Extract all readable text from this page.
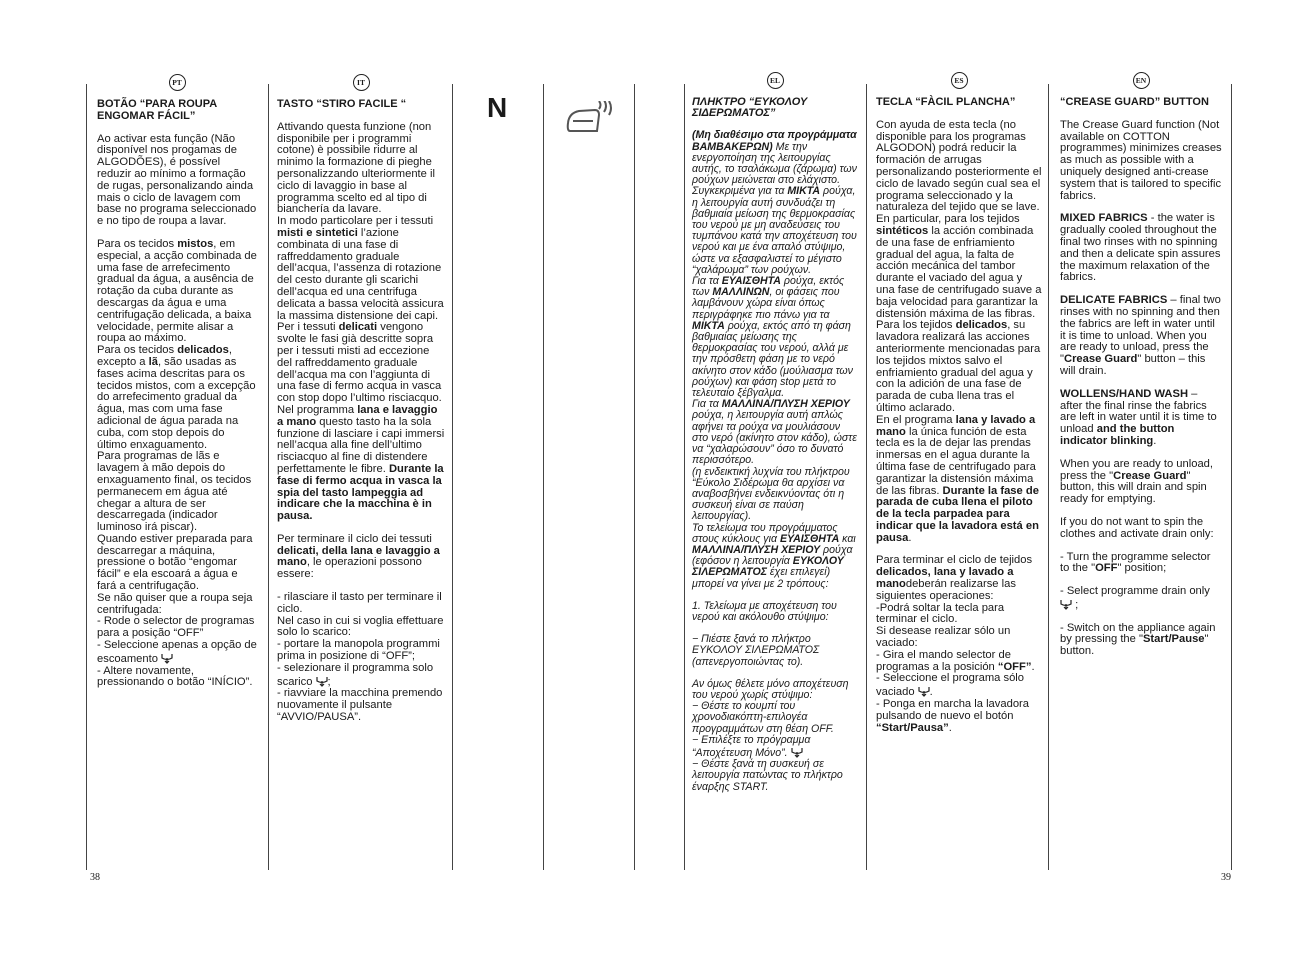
38	39
N
PT
BOTÃO “PARA ROUPA ENGOMAR FÁCIL”

Ao activar esta função (Não disponível nos progamas de ALGODÕES), é possível reduzir ao mínimo a formação de rugas, personalizando ainda mais o ciclo de lavagem com base no programa seleccionado e no tipo de roupa a lavar.

Para os tecidos mistos, em especial, a acção combinada de uma fase de arrefecimento gradual da água, a ausência de rotação da cuba durante as descargas da água e uma centrifugação delicada, a baixa velocidade, permite alisar a roupa ao máximo.
Para os tecidos delicados, excepto a lã, são usadas as fases acima descritas para os tecidos mistos, com a excepção do arrefecimento gradual da água, mas com uma fase adicional de água parada na cuba, com stop depois do último enxaguamento.
Para programas de lãs e lavagem à mão depois do enxaguamento final, os tecidos permanecem em água até chegar a altura de ser descarregada (indicador luminoso irá piscar).
Quando estiver preparada para descarregar a máquina, pressione o botão “engomar fácil” e ela escoará a água e fará a centrifugação.
Se não quiser que a roupa seja centrifugada:
- Rode o selector de programas para a posição “OFF”
- Seleccione apenas a opção de escoamento
- Altere novamente, pressionando o botão “INÍCIO”.
IT
TASTO “STIRO FACILE “
Attivando questa funzione (non disponibile per i programmi cotone) è possibile ridurre al minimo la formazione di pieghe personalizzando ulteriormente il ciclo di lavaggio in base al programma scelto ed al tipo di bianchería da lavare.
In modo particolare per i tessuti misti e sintetici l’azione combinata di una fase di raffreddamento graduale dell’acqua, l’assenza di rotazione del cesto durante gli scarichi dell’acqua ed una centrifuga delicata a bassa velocità assicura la massima distensione dei capi.
Per i tessuti delicati vengono svolte le fasi già descritte sopra per i tessuti misti ad eccezione del raffreddamento graduale dell’acqua ma con l’aggiunta di una fase di fermo acqua in vasca con stop dopo l’ultimo risciacquo.

Nel programma lana e lavaggio a mano questo tasto ha la sola funzione di lasciare i capi immersi nell’acqua alla fine dell’ultimo risciacquo al fine di distendere perfettamente le fibre. Durante la fase di fermo acqua in vasca la spia del tasto lampeggia ad indicare che la macchina è in pausa.

Per terminare il ciclo dei tessuti delicati, della lana e lavaggio a mano, le operazioni possono essere:

- rilasciare il tasto per terminare il ciclo.
Nel caso in cui si voglia effettuare solo lo scarico:
- portare la manopola programmi prima in posizione di “OFF”;
- selezionare il programma solo scarico ;
- riavviare la macchina premendo nuovamente il pulsante “AVVIO/PAUSA”.
EL
ΠΛΗΚΤΡΟ “ΕΥΚΟΛΟΥ ΣΙΔΕΡΩΜΑΤΟΣ”
(Μη διαθέσιμο στα προγράμματα ΒΑΜΒΑΚΕΡΩΝ) Με την ενεργοποίηση της λειτουργίας αυτής, το τσαλάκωμα (ζάρωμα) των ρούχων μειώνεται στο ελάχιστο.
Συγκεκριμένα για τα ΜΙΚΤΑ ρούχα, η λειτουργία αυτή συνδυάζει τη βαθμιαία μείωση της θερμοκρασίας του νερού με μη αναδεύσεις του τυμπάνου κατά την αποχέτευση του νερού και με ένα απαλό στύψιμο, ώστε να εξασφαλιστεί το μέγιστο “χαλάρωμα” των ρούχων.
Για τα ΕΥΑΙΣΘΗΤΑ ρούχα, εκτός των ΜΑΛΛΙΝΩΝ, οι φάσεις που λαμβάνουν χώρα είναι όπως περιγράφηκε πιο πάνω για τα ΜΙΚΤΑ ρούχα, εκτός από τη φάση βαθμιαίας μείωσης της θερμοκρασίας του νερού, αλλά με την πρόσθετη φάση με το νερό ακίνητο στον κάδο (μούλιασμα των ρούχων) και φάση stop μετά το τελευταίο ξέβγαλμα.
Για τα ΜΑΛΛΙΝΑ/ΠΛΥΣΗ ΧΕΡΙΟΥ ρούχα, η λειτουργία αυτή απλώς αφήνει τα ρούχα να μουλιάσουν στο νερό (ακίνητο στον κάδο), ώστε να “χαλαρώσουν” όσο το δυνατό περισσότερο.
(η ενδεικτική λυχνία του πλήκτρου “Εύκολο Σιδέρωμα θα αρχίσει να αναβοσβήνει ενδεικνύοντας ότι η συσκευή είναι σε παύση λειτουργίας).

Το τελείωμα του προγράμματος στους κύκλους για ΕΥΑΙΣΘΗΤΑ και ΜΑΛΛΙΝΑ/ΠΛΥΣΗ ΧΕΡΙΟΥ ρούχα (εφόσον η λειτουργία ΕΥΚΟΛΟΥ ΣΙΛΕΡΩΜΑΤΟΣ έχει επιλεγεί) μπορεί να γίνει με 2 τρόπους:

1. Τελείωμα με αποχέτευση του νερού και ακόλουθο στύψιμο:

− Πιέστε ξανά το πλήκτρο ΕΥΚΟΛΟΥ ΣΙΛΕΡΩΜΑΤΟΣ (απενεργοποιώντας το).

Αν όμως θέλετε μόνο αποχέτευση του νερού χωρίς στύψιμο:
− Θέστε το κουμπί του χρονοδιακόπτη-επιλογέα προγραμμάτων στη θέση OFF.
− Επιλέξτε το πρόγραμμα “Αποχέτευση Μόνο”.
− Θέστε ξανά τη συσκευή σε λειτουργία πατώντας το πλήκτρο έναρξης START.
ES
TECLA “FÀCIL PLANCHA”
Con ayuda de esta tecla (no disponible para los programas ALGODON) podrá reducir la formación de arrugas personalizando posteriormente el ciclo de lavado según cual sea el programa seleccionado y la naturaleza del tejido que se lave.
En particular, para los tejidos sintéticos la acción combinada de una fase de enfriamiento gradual del agua, la falta de acción mecánica del tambor durante el vaciado del agua y una fase de centrifugado suave a baja velocidad para garantizar la distensión máxima de las fibras.
Para los tejidos delicados, su lavadora realizará las acciones anteriormente mencionadas para los tejidos mixtos salvo el enfriamiento gradual del agua y con la adición de una fase de parada de cuba llena tras el último aclarado.

En el programa lana y lavado a mano la única función de esta tecla es la de dejar las prendas inmersas en el agua durante la última fase de centrifugado para garantizar la distensión máxima de las fibras. Durante la fase de parada de cuba llena el piloto de la tecla parpadea para indicar que la lavadora está en pausa.

Para terminar el ciclo de tejidos delicados, lana y lavado a manodeberán realizarse las siguientes operaciones:
-Podrá soltar la tecla para terminar el ciclo.
Si desease realizar sólo un vaciado:
- Gira el mando selector de programas a la posición “OFF”.
- Seleccione el programa sólo vaciado .
- Ponga en marcha la lavadora pulsando de nuevo el botón “Start/Pausa”.
EN
“CREASE GUARD” BUTTON

The Crease Guard function (Not available on COTTON programmes) minimizes creases as much as possible with a uniquely designed anti-crease system that is tailored to specific fabrics.

MIXED FABRICS - the water is gradually cooled throughout the final two rinses with no spinning and then a delicate spin assures the maximum relaxation of the fabrics.

DELICATE FABRICS – final two rinses with no spinning and then the fabrics are left in water until it is time to unload. When you are ready to unload, press the "Crease Guard" button – this will drain.

WOLLENS/HAND WASH – after the final rinse the fabrics are left in water until it is time to unload and the button indicator blinking.

When you are ready to unload, press the "Crease Guard" button, this will drain and spin ready for emptying.

If you do not want to spin the clothes and activate drain only:

- Turn the programme selector to the "OFF" position;

- Select programme drain only  ;

- Switch on the appliance again by pressing the "Start/Pause" button.
